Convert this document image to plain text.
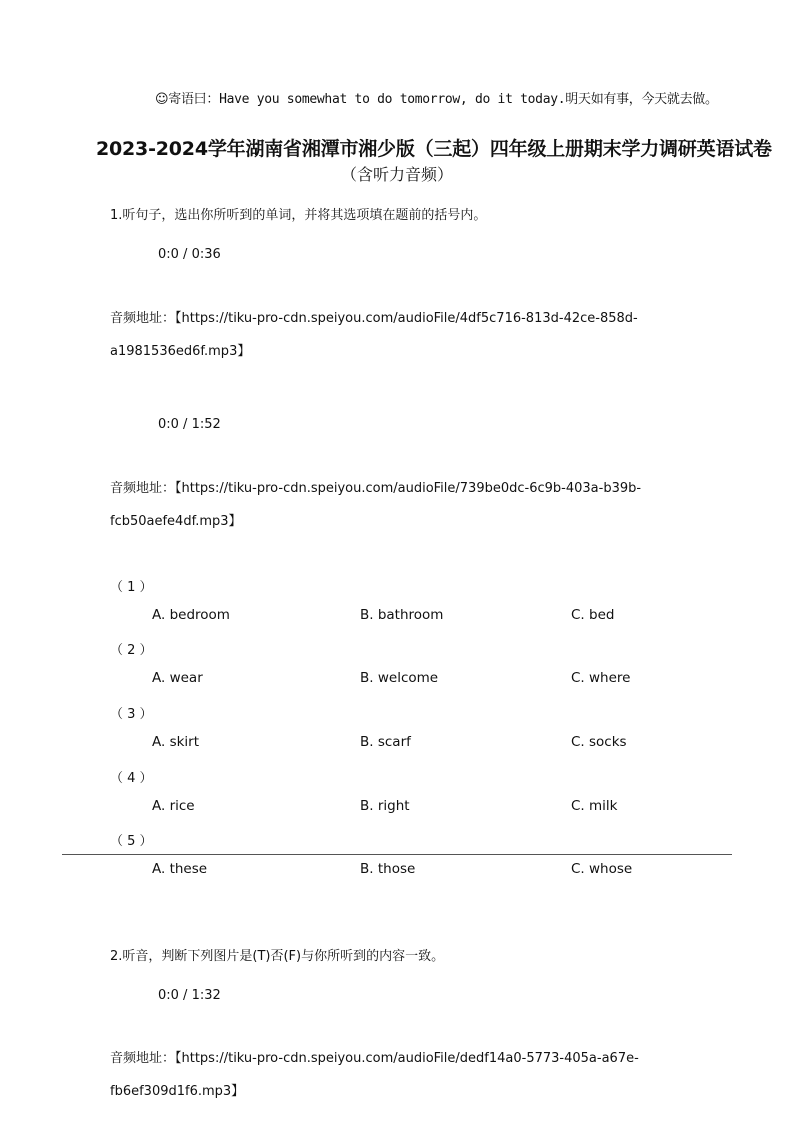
☺寄语曰：Have you somewhat to do tomorrow, do it today.明天如有事，今天就去做。
2023-2024学年湖南省湘潭市湘少版（三起）四年级上册期末学力调研英语试卷
（含听力音频）
1.听句子，选出你所听到的单词，并将其选项填在题前的括号内。
0:0 / 0:36
音频地址：【https://tiku-pro-cdn.speiyou.com/audioFile/4df5c716-813d-42ce-858d-
a1981536ed6f.mp3】
0:0 / 1:52
音频地址：【https://tiku-pro-cdn.speiyou.com/audioFile/739be0dc-6c9b-403a-b39b-
fcb50aefe4df.mp3】
（ 1 ）
A. bedroom	B. bathroom	C. bed
（ 2 ）
A. wear	B. welcome	C. where
（ 3 ）
A. skirt	B. scarf	C. socks
（ 4 ）
A. rice	B. right	C. milk
（ 5 ）
A. these	B. those	C. whose
2.听音，判断下列图片是(T)否(F)与你所听到的内容一致。
0:0 / 1:32
音频地址：【https://tiku-pro-cdn.speiyou.com/audioFile/dedf14a0-5773-405a-a67e-
fb6ef309d1f6.mp3】
